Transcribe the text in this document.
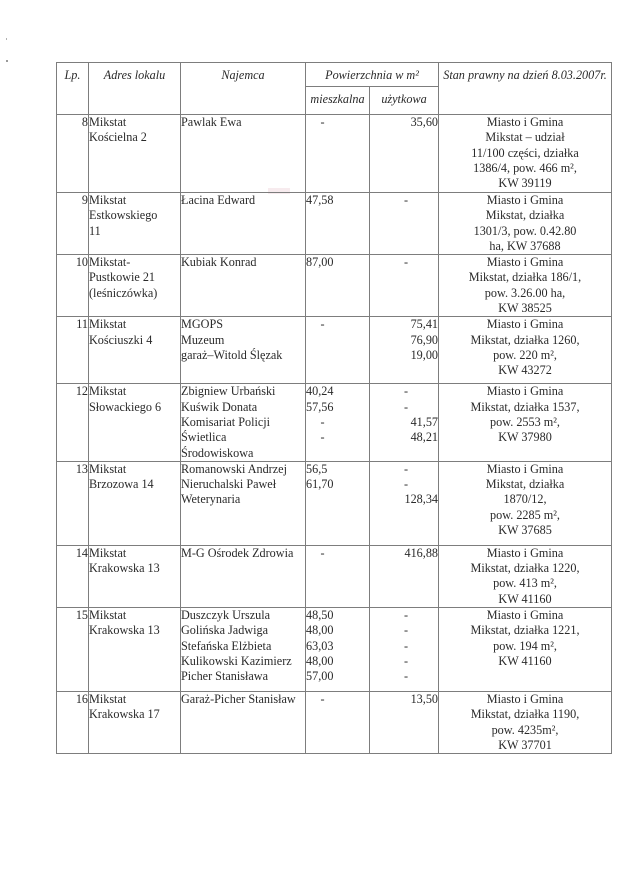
Lp.	Adres lokalu	Najemca	Powierzchnia w m²		Stan prawny na dzień 8.03.2007r.
			mieszkalna	użytkowa	

8	Mikstat
Kościelna 2	Pawlak Ewa	-	35,60	Miasto i Gmina
Mikstat – udział
11/100 części, działka
1386/4, pow. 466 m²,
KW 39119

9	Mikstat
Estkowskiego
11	Łacina Edward	47,58	-	Miasto i Gmina
Mikstat, działka
1301/3, pow. 0.42.80
ha, KW 37688

10	Mikstat-
Pustkowie 21
(leśniczówka)	Kubiak Konrad	87,00	-	Miasto i Gmina
Mikstat, działka 186/1,
pow. 3.26.00 ha,
KW 38525

11	Mikstat
Kościuszki 4	MGOPS
Muzeum
garaż–Witold Ślęzak	-	75,41
76,90
19,00	Miasto i Gmina
Mikstat, działka 1260,
pow. 220 m²,
KW 43272

12	Mikstat
Słowackiego 6	Zbigniew Urbański
Kuświk Donata
Komisariat Policji
Świetlica
Środowiskowa	40,24
57,56
-
-	-
-
41,57
48,21	Miasto i Gmina
Mikstat, działka 1537,
pow. 2553 m²,
KW 37980

13	Mikstat
Brzozowa 14	Romanowski Andrzej
Nieruchalski Paweł
Weterynaria	56,5
61,70	-
-
128,34	Miasto i Gmina
Mikstat, działka
1870/12,
pow. 2285 m²,
KW 37685

14	Mikstat
Krakowska 13	M-G Ośrodek Zdrowia	-	416,88	Miasto i Gmina
Mikstat, działka 1220,
pow. 413 m²,
KW 41160

15	Mikstat
Krakowska 13	Duszczyk Urszula
Golińska Jadwiga
Stefańska Elżbieta
Kulikowski Kazimierz
Picher Stanisława	48,50
48,00
63,03
48,00
57,00	-
-
-
-
-	Miasto i Gmina
Mikstat, działka 1221,
pow. 194 m²,
KW 41160

16	Mikstat
Krakowska 17	Garaż-Picher Stanisław	-	13,50	Miasto i Gmina
Mikstat, działka 1190,
pow. 4235m²,
KW 37701
